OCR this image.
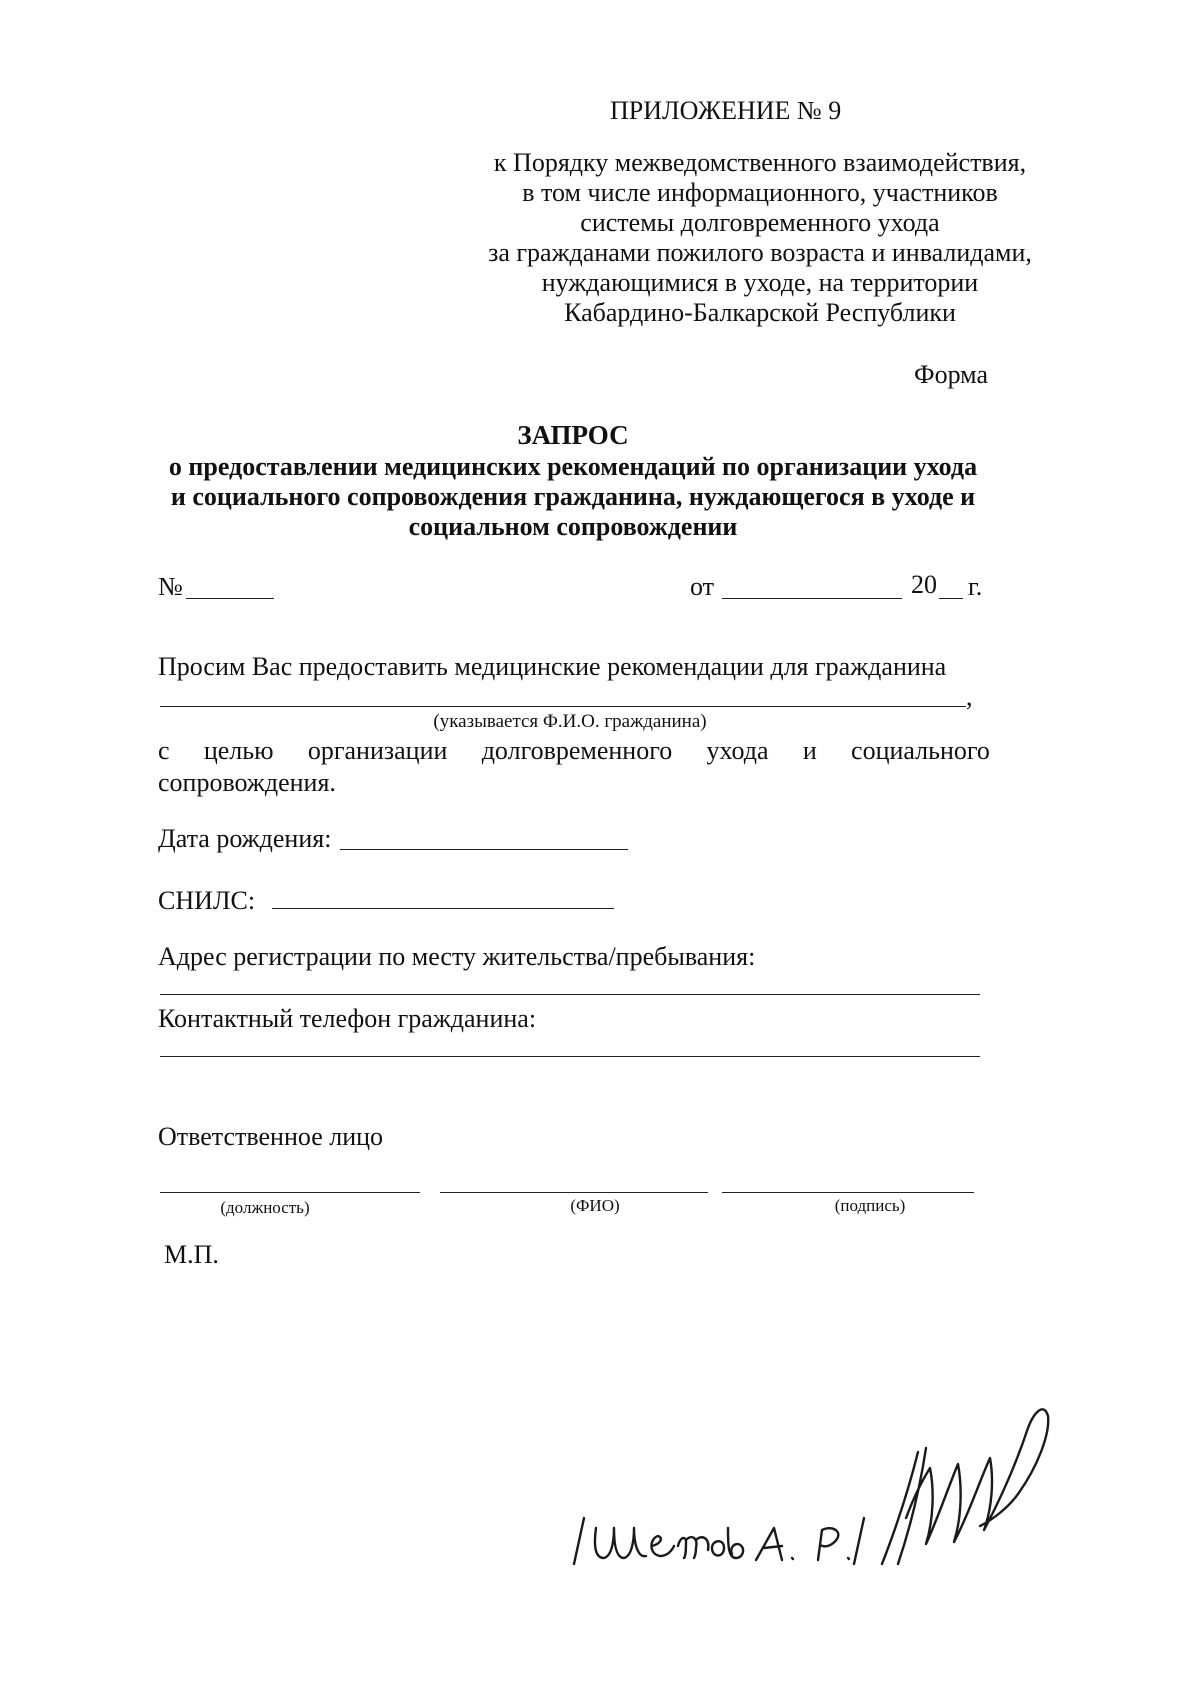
ПРИЛОЖЕНИЕ № 9
к Порядку межведомственного взаимодействия,
в том числе информационного, участников
системы долговременного ухода
за гражданами пожилого возраста и инвалидами,
нуждающимися в уходе, на территории
Кабардино-Балкарской Республики
Форма
ЗАПРОС
о предоставлении медицинских рекомендаций по организации ухода
и социального сопровождения гражданина, нуждающегося в уходе и
социальном сопровождении
№	от	20 г.
Просим Вас предоставить медицинские рекомендации для гражданина
,
(указывается Ф.И.О. гражданина)
с целью организации долговременного ухода и социального
сопровождения.
Дата рождения:
СНИЛС:
Адрес регистрации по месту жительства/пребывания:
Контактный телефон гражданина:
Ответственное лицо
(должность)	(ФИО)	(подпись)
М.П.
